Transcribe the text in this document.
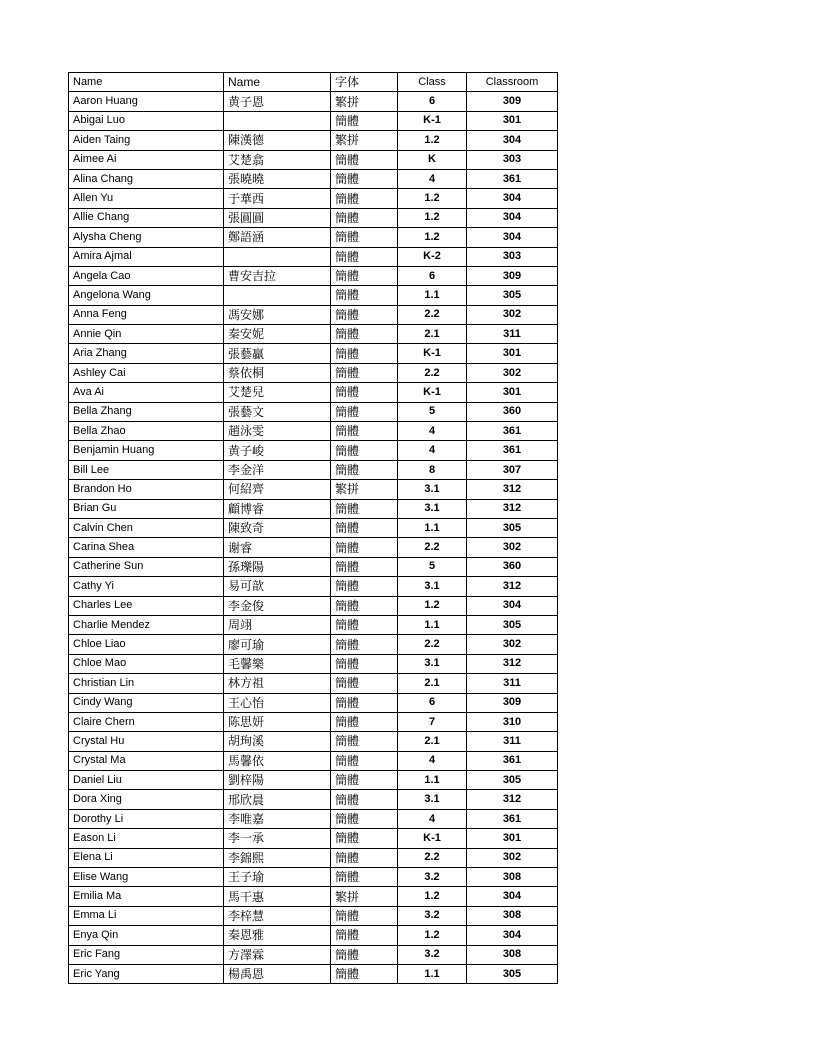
Name	Name	字体	Class	Classroom
Aaron Huang	黄子恩	繁拼	6	309
Abigai Luo		簡體	K-1	301
Aiden Taing	陳漢德	繁拼	1.2	304
Aimee Ai	艾楚翕	簡體	K	303
Alina Chang	張曉曉	簡體	4	361
Allen Yu	于華西	簡體	1.2	304
Allie Chang	張圓圓	簡體	1.2	304
Alysha Cheng	鄭語涵	簡體	1.2	304
Amira Ajmal		簡體	K-2	303
Angela Cao	曹安吉拉	簡體	6	309
Angelona Wang		簡體	1.1	305
Anna Feng	馮安娜	簡體	2.2	302
Annie Qin	秦安妮	簡體	2.1	311
Aria Zhang	張藝贏	簡體	K-1	301
Ashley Cai	蔡依桐	簡體	2.2	302
Ava Ai	艾楚兒	簡體	K-1	301
Bella Zhang	張藝文	簡體	5	360
Bella Zhao	趙泳雯	簡體	4	361
Benjamin Huang	黄子峻	簡體	4	361
Bill Lee	李金洋	簡體	8	307
Brandon Ho	何紹齊	繁拼	3.1	312
Brian Gu	顧博睿	簡體	3.1	312
Calvin Chen	陳致奇	簡體	1.1	305
Carina Shea	谢睿	簡體	2.2	302
Catherine Sun	孫瓅陽	簡體	5	360
Cathy Yi	易可歆	簡體	3.1	312
Charles Lee	李金俊	簡體	1.2	304
Charlie Mendez	周翊	簡體	1.1	305
Chloe Liao	廖可瑜	簡體	2.2	302
Chloe Mao	毛馨樂	簡體	3.1	312
Christian Lin	林方祖	簡體	2.1	311
Cindy Wang	王心怡	簡體	6	309
Claire Chern	陈思妍	簡體	7	310
Crystal Hu	胡珣溪	簡體	2.1	311
Crystal Ma	馬馨依	簡體	4	361
Daniel Liu	劉梓陽	簡體	1.1	305
Dora Xing	邢欣晨	簡體	3.1	312
Dorothy Li	李唯嘉	簡體	4	361
Eason Li	李一承	簡體	K-1	301
Elena Li	李錦熙	簡體	2.2	302
Elise Wang	王子瑜	簡體	3.2	308
Emilia Ma	馬干惠	繁拼	1.2	304
Emma Li	李梓慧	簡體	3.2	308
Enya Qin	秦恩雅	簡體	1.2	304
Eric Fang	方澤霖	簡體	3.2	308
Eric Yang	楊禹恩	簡體	1.1	305
